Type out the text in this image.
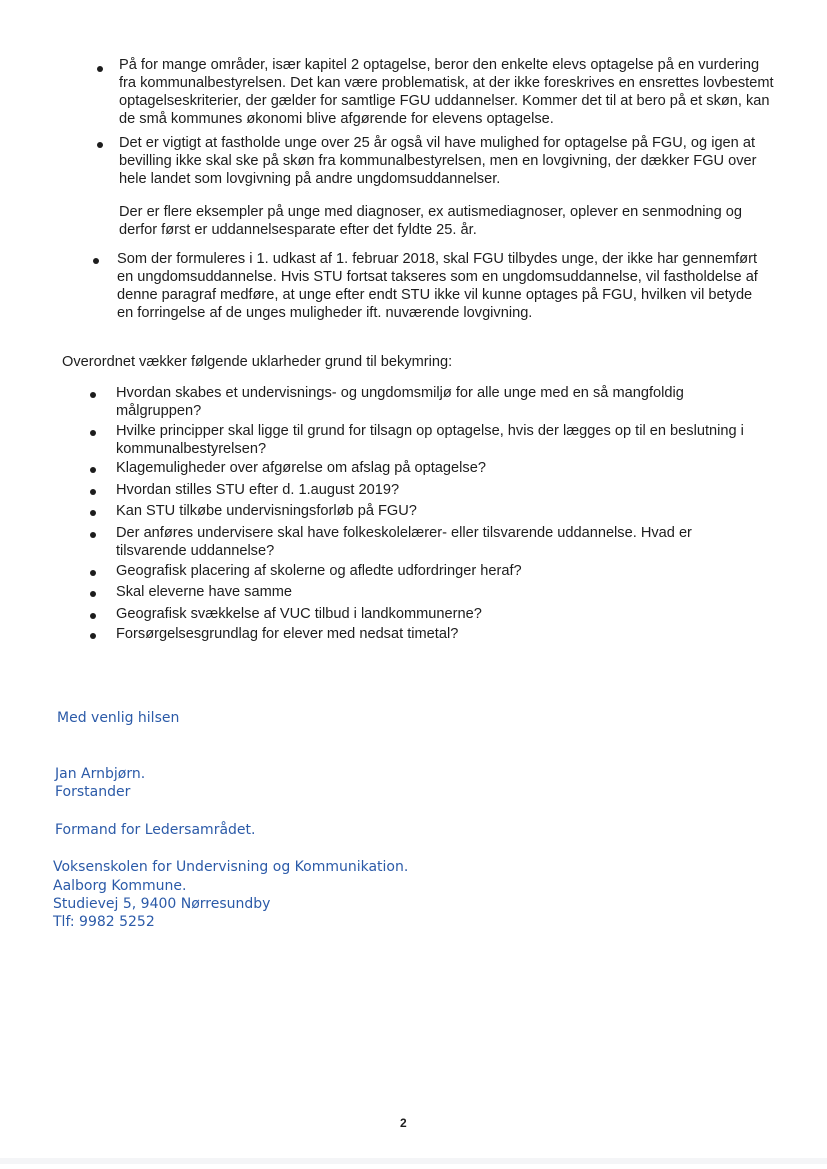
På for mange områder, især kapitel 2 optagelse, beror den enkelte elevs optagelse på en vurdering fra kommunalbestyrelsen. Det kan være problematisk, at der ikke foreskrives en ensrettes lovbestemt optagelseskriterier, der gælder for samtlige FGU uddannelser. Kommer det til at bero på et skøn, kan de små kommunes økonomi blive afgørende for elevens optagelse.
Det er vigtigt at fastholde unge over 25 år også vil have mulighed for optagelse på FGU, og igen at bevilling ikke skal ske på skøn fra kommunalbestyrelsen, men en lovgivning, der dækker FGU over hele landet som lovgivning på andre ungdomsuddannelser.
Der er flere eksempler på unge med diagnoser, ex autismediagnoser, oplever en senmodning og derfor først er uddannelsesparate efter det fyldte 25. år.
Som der formuleres i 1. udkast af 1. februar 2018, skal FGU tilbydes unge, der ikke har gennemført en ungdomsuddannelse. Hvis STU fortsat takseres som en ungdomsuddannelse, vil fastholdelse af denne paragraf medføre, at unge efter endt STU ikke vil kunne optages på FGU, hvilken vil betyde en forringelse af de unges muligheder ift. nuværende lovgivning.
Overordnet vækker følgende uklarheder grund til bekymring:
Hvordan skabes et undervisnings- og ungdomsmiljø for alle unge med en så mangfoldig målgruppen?
Hvilke principper skal ligge til grund for tilsagn op optagelse, hvis der lægges op til en beslutning i kommunalbestyrelsen?
Klagemuligheder over afgørelse om afslag på optagelse?
Hvordan stilles STU efter d. 1.august 2019?
Kan STU tilkøbe undervisningsforløb på FGU?
Der anføres undervisere skal have folkeskolelærer- eller tilsvarende uddannelse. Hvad er tilsvarende uddannelse?
Geografisk placering af skolerne og afledte udfordringer heraf?
Skal eleverne have samme
Geografisk svækkelse af VUC tilbud i landkommunerne?
Forsørgelsesgrundlag for elever med nedsat timetal?
Med venlig hilsen
Jan Arnbjørn.
Forstander
Formand for Ledersamrådet.
Voksenskolen for Undervisning og Kommunikation.
Aalborg Kommune.
Studievej 5, 9400 Nørresundby
Tlf: 9982 5252
2
